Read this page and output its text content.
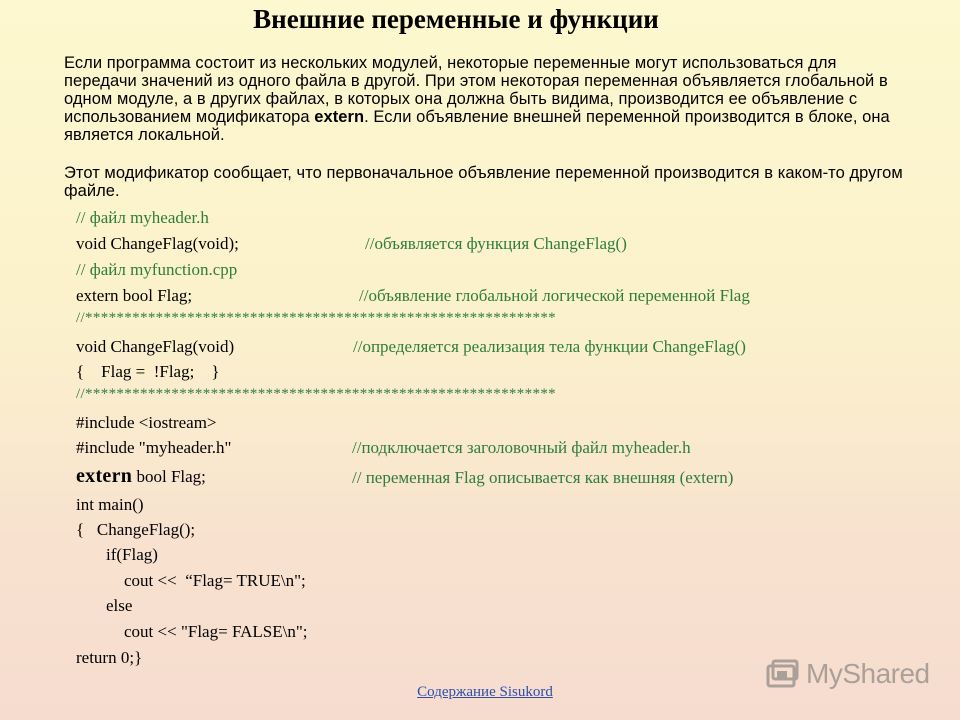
Внешние переменные и функции
Если программа состоит из нескольких модулей, некоторые переменные могут использоваться для передачи значений из одного файла в другой. При этом некоторая переменная объявляется глобальной в одном модуле, а в других файлах, в которых она должна быть видима, производится ее объявление с использованием модификатора extern. Если объявление внешней переменной производится в блоке, она является локальной.
Этот модификатор сообщает, что первоначальное объявление переменной производится в каком-то другом файле.
// файл myheader.h
void ChangeFlag(void);	//объявляется функция ChangeFlag()
// файл myfunction.cpp
extern bool Flag;	//объявление глобальной логической переменной Flag
//************************************************************
void ChangeFlag(void)	//определяется реализация тела функции ChangeFlag()
{    Flag =  !Flag;    }
//************************************************************
#include <iostream>
#include "myheader.h"	//подключается заголовочный файл myheader.h
extern bool Flag;	// переменная Flag описывается как внешняя (extern)
int main()
{   ChangeFlag();
if(Flag)
cout <<  “Flag= TRUE\n";
else
cout << "Flag= FALSE\n";
return 0;}
MyShared
Содержание Sisukord
